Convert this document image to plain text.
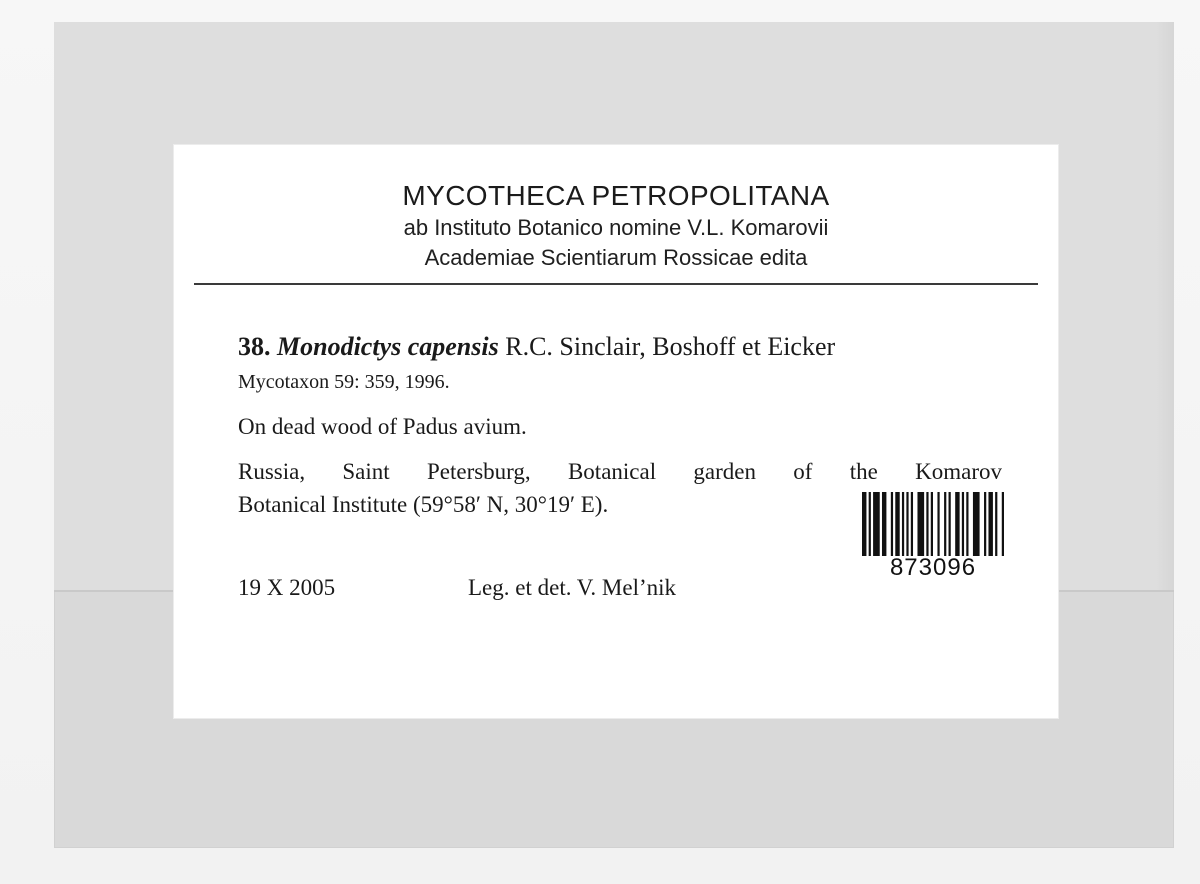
MYCOTHECA PETROPOLITANA
ab Instituto Botanico nomine V.L. Komarovii
Academiae Scientiarum Rossicae edita
38. Monodictys capensis R.C. Sinclair, Boshoff et Eicker
Mycotaxon 59: 359, 1996.
On dead wood of Padus avium.
Russia, Saint Petersburg, Botanical garden of the Komarov
Botanical Institute (59°58′ N, 30°19′ E).
873096
19 X 2005	Leg. et det. V. Mel’nik
